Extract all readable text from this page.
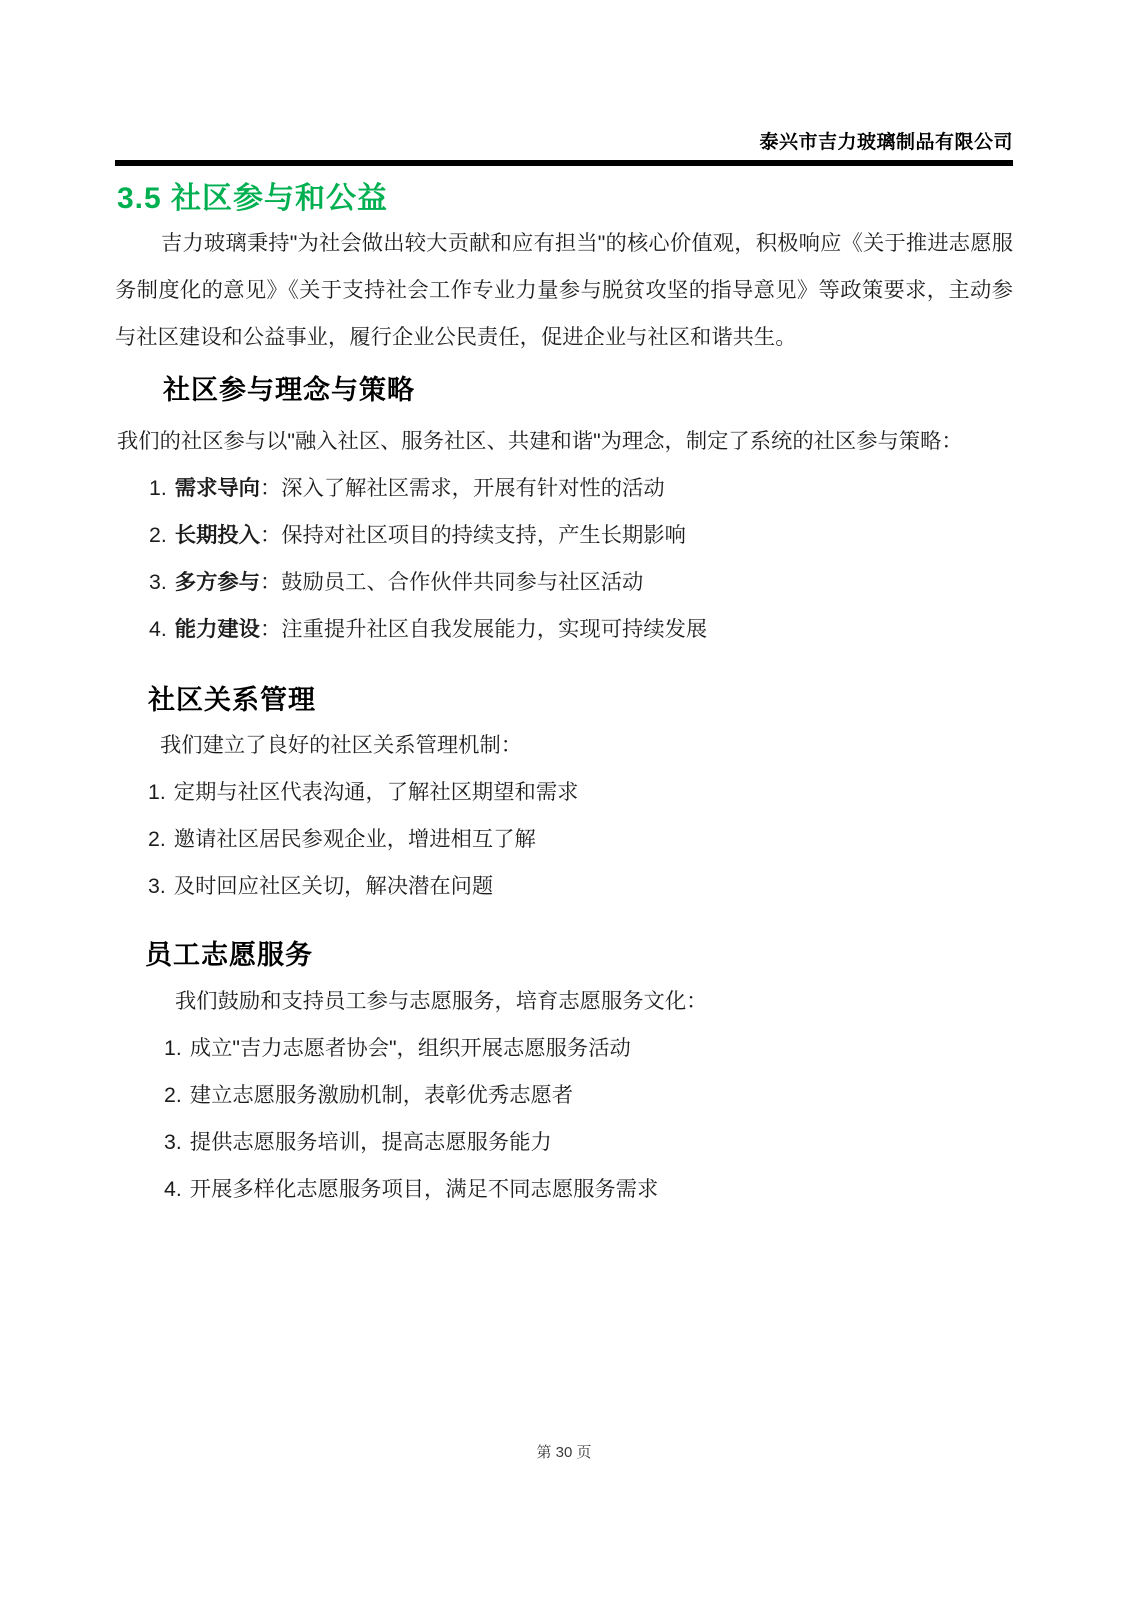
泰兴市吉力玻璃制品有限公司
3.5 社区参与和公益

吉力玻璃秉持"为社会做出较大贡献和应有担当"的核心价值观，积极响应《关于推进志愿服务制度化的意见》《关于支持社会工作专业力量参与脱贫攻坚的指导意见》等政策要求，主动参与社区建设和公益事业，履行企业公民责任，促进企业与社区和谐共生。

社区参与理念与策略

我们的社区参与以"融入社区、服务社区、共建和谐"为理念，制定了系统的社区参与策略：

1. 需求导向：深入了解社区需求，开展有针对性的活动
2. 长期投入：保持对社区项目的持续支持，产生长期影响
3. 多方参与：鼓励员工、合作伙伴共同参与社区活动
4. 能力建设：注重提升社区自我发展能力，实现可持续发展
社区关系管理

我们建立了良好的社区关系管理机制：

1. 定期与社区代表沟通，了解社区期望和需求
2. 邀请社区居民参观企业，增进相互了解
3. 及时回应社区关切，解决潜在问题
员工志愿服务

我们鼓励和支持员工参与志愿服务，培育志愿服务文化：

1. 成立"吉力志愿者协会"，组织开展志愿服务活动
2. 建立志愿服务激励机制，表彰优秀志愿者
3. 提供志愿服务培训，提高志愿服务能力
4. 开展多样化志愿服务项目，满足不同志愿服务需求
第 30 页
